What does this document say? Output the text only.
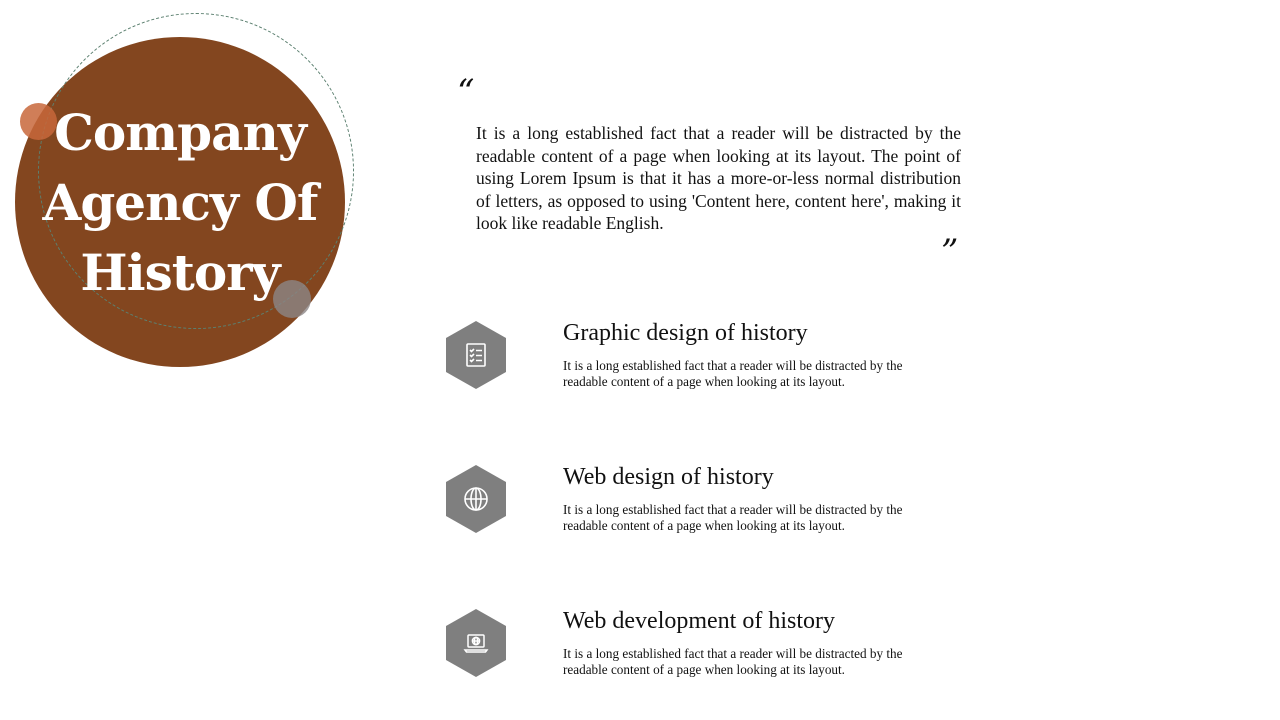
Company
Agency Of
History
“

It is a long established fact that a reader will be distracted by the readable content of a page when looking at its layout. The point of using Lorem Ipsum is that it has a more-or-less normal distribution of letters, as opposed to using 'Content here, content here', making it look like readable English.

”
Graphic design of history

It is a long established fact that a reader will be distracted by the readable content of a page when looking at its layout.

Web design of history

It is a long established fact that a reader will be distracted by the readable content of a page when looking at its layout.

Web development of history

It is a long established fact that a reader will be distracted by the readable content of a page when looking at its layout.
